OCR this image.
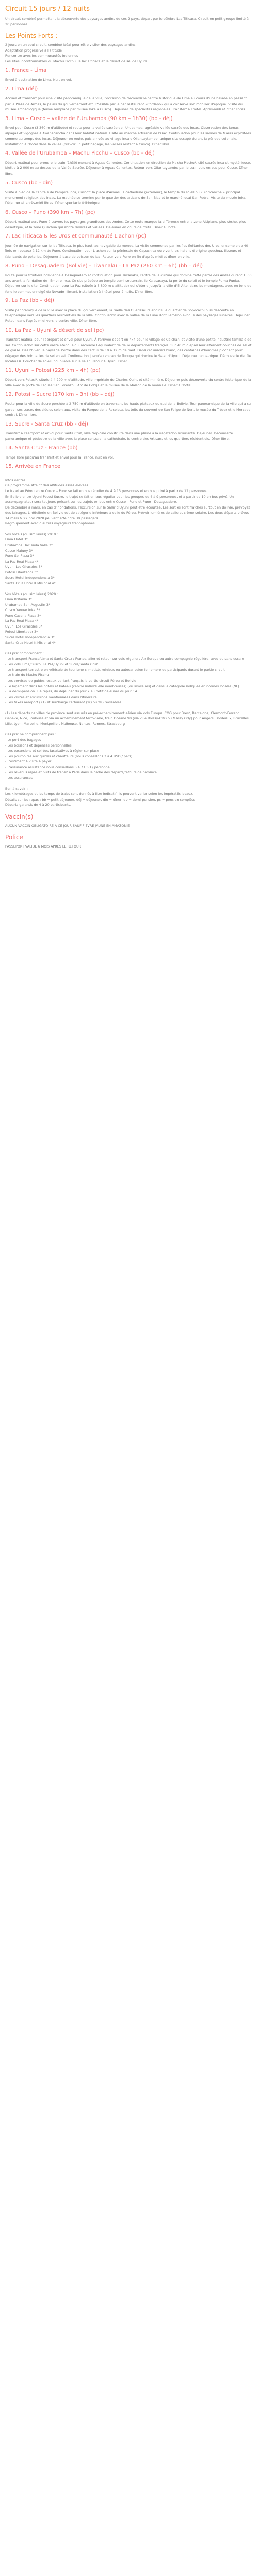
Circuit 15 jours / 12 nuits

Un circuit combiné permettant la découverte des paysages andins de ces 2 pays, départ par le célèbre Lac Titicaca. Circuit en petit groupe limité à 20 personnes.

Les Points Forts :

2 jours en un seul circuit, combiné idéal pour rôtre visiter des paysages andins
Adaptation progressive à l'altitude
Rencontre avec les communautés indiennes
Les sites incontournables du Machu Picchu, le lac Titicaca et le désert de sel de Uyuni

1. France - Lima

Envol à destination de Lima. Nuit en vol.

2. Lima (déj)

Accueil et transfert pour une visite panoramique de la ville, l'occasion de découvrir le centre historique de Lima au cours d'une balade en passant par la Plaza de Armas, le palais du gouvernement etc. Possible par le bar restaurant «Cordano» qui a conservé son mobilier d'époque. Visite du musée archéologique (fermé remplacé par musée Inka à Cusco). Déjeuner de spécialités régionales. Transfert à l'hôtel. Après-midi et dîner libres.

3. Lima – Cusco – vallée de l'Urubamba (90 km – 1h30) (bb - déj)

Envol pour Cusco (3 360 m d'altitude) et route pour la vallée sacrée de l'Urubamba, agréable vallée sacrée des Incas. Observation des lamas, alpagas et vigognes à Awanacancha dans leur habitat naturel. Halte au marché artisanal de Pisac. Continuation pour les salines de Maras exploitées comme au temps des Incas. Déjeuner en route, puis arrivée au village inca d'Ollantaytambo, unique site occupé durant la période coloniale. Installation à l'hôtel dans la vallée (prévoir un petit bagage, les valises restent à Cusco). Dîner libre.

4. Vallée de l'Urubamba – Machu Picchu – Cusco (bb - déj)

Départ matinal pour prendre le train (1h30) menant à Aguas Calientes. Continuation en direction du Machu Picchu*, cité sacrée inca et mystérieuse, blottie à 2 000 m au-dessus de la Vallée Sacrée. Déjeuner à Aguas Calientes. Retour vers Ollantaytambo par le train puis en bus pour Cusco. Dîner libre.

5. Cusco (bb - din)

Visite à pied de la capitale de l'empire Inca, Cusco*: la place d'Armas, la cathédrale (extérieur), le temple du soleil ou « Koricancha » principal monument religieux des Incas. La matinée se termine par le quartier des artisans de San Blas et le marché local San Pedro. Visite du musée Inka. Déjeuner et après-midi libres. Dîner spectacle folklorique.

6. Cusco – Puno (390 km – 7h) (pc)

Départ matinal vers Puno à travers les paysages grandioses des Andes. Cette route marque la différence entre la zone Altiplano, plus sèche, plus désertique, et la zone Quechua qui abrite rivières et vallées. Déjeuner en cours de route. Dîner à l'hôtel.

7. Lac Titicaca & les Uros et communauté Llachon (pc)

Journée de navigation sur le lac Titicaca, le plus haut lac navigable du monde. La visite commence par les îles flottantes des Uros, ensemble de 40 îlots en roseaux à 12 km de Puno. Continuation pour Llachon sur la péninsule de Capachica où vivent les indiens d'origine quechua, tisseurs et fabricants de poteries. Déjeuner à base de poisson du lac. Retour vers Puno en fin d'après-midi et dîner en ville.

8. Puno – Desaguadero (Bolivie) - Tiwanaku – La Paz (260 km – 6h) (bb – déj)

Route pour la frontière bolivienne à Desaguadero et continuation pour Tiwanaku, centre de la culture qui domina cette partie des Andes durant 1500 ans avant la fondation de l'Empire Inca. Ce site précède un temple semi-souterrain, le Kalasasaya, la porte du soleil et le temple Puma Punku. Déjeuner sur le site. Continuation pour La Paz (située à 3 800 m d'altitude) qui s'étend jusqu'à la ville d'El Alto, dans les montagnes, avec en toile de fond le sommet enneigé du Nevado Illimani. Installation à l'hôtel pour 2 nuits. Dîner libre.

9. La Paz (bb – déj)

Visite panoramique de la ville avec la place du gouvernement, la ruelle des Guérisseurs andins, le quartier de Sopocachi puis descente en téléphérique vers les quartiers résidentiels de la ville. Continuation avec la vallée de la Lune dont l'érosion évoque des paysages lunaires. Déjeuner. Retour dans l'après-midi vers le centre-ville. Dîner libre.

10. La Paz - Uyuni & désert de sel (pc)

Transfert matinal pour l'aéroport et envol pour Uyuni. À l'arrivée départ en 4x4 pour le village de Colchani et visite d'une petite industrie familiale de sel. Continuation sur cette vaste étendue qui recouvre l'équivalent de deux départements français. Sur 40 m d'épaisseur alternent couches de sel et de glaise. Dès l'hiver, le paysage s'offre dans des cactus de 10 à 12 m de haut. Dans cet univers blanc, des centaines d'hommes piochent pour dégager des briquettes de sel en sel. Continuation jusqu'au volcan de Tunupa qui domine le Salar d'Uyuni. Déjeuner pique-nique. Découverte de l'île Incahuasi. Coucher de soleil inoubliable sur le salar. Retour à Uyuni. Dîner.

11. Uyuni – Potosi (225 km – 4h) (pc)

Départ vers Potosi*, située à 4 200 m d'altitude, ville impériale de Charles Quint et cité minière. Déjeuner puis découverte du centre historique de la ville avec la porte de l'église San Lorenzo, l'Arc de Cobija et le musée de la Maison de la monnaie. Dîner à l'hôtel.

12. Potosi – Sucre (170 km – 3h) (bb – déj)

Route pour la ville de Sucre perchée à 2 750 m d'altitude en traversant les hauts plateaux du sud de la Bolivie. Tour panoramique de la ville qui a su garder ses traces des siècles coloniaux, visite du Parque de la Recoleta, les toits du couvent de San Felipe de Neri, le musée du Trésor et le Mercado central. Dîner libre.

13. Sucre - Santa Cruz (bb - déj)

Transfert à l'aéroport et envol pour Santa Cruz, ville tropicale construite dans une plaine à la végétation luxuriante. Déjeuner. Découverte panoramique et pédestre de la ville avec la place centrale, la cathédrale, le centre des Artisans et les quartiers résidentiels. Dîner libre.

14. Santa Cruz - France (bb)

Temps libre jusqu'au transfert et envol pour la France, nuit en vol.

15. Arrivée en France

Infos vérités :
Ce programme atteint des altitudes assez élevées.
Le trajet au Pérou entre Cusco – Puno se fait en bus régulier de 4 à 13 personnes et en bus privé à partir de 12 personnes.
En Bolivie entre Uyuni-Potosi-Sucre, le trajet se fait en bus régulier pour les groupes de 4 à 9 personnes, et à partir de 10 en bus privé. Un accompagnateur sera toujours présent sur les trajets en bus entre Cusco - Puno et Puno - Desaguadero.
De décembre à mars, en cas d'inondations, l'excursion sur le Salar d'Uyuni peut être écourtée. Les sorties sont fraîches surtout en Bolivie, prévoyez des lainages. L'hôtellerie en Bolivie est de catégorie inférieure à celle du Pérou. Prévoir lumières de salle et crème solaire. Les deux départs prévus 14 mars & 22 nov 2020 peuvent atteindre 30 passagers.
Regroupement avec d'autres voyageurs francophones.

Vos hôtels (ou similaires) 2019 :
Lima Hotel 3*
Urubamba Hacienda Valle 3*
Cusco Maluey 3*
Puno Sol Plaza 3*
La Paz Real Plaza 4*
Uyuni Los Girasoles 3*
Potosi Libertador 3*
Sucre Hotel Independencia 3*
Santa Cruz Hotel K Misional 4*

Vos hôtels (ou similaires) 2020 :
Lima Britania 3*
Urubamba San Augustin 3*
Cusco Yanuar Inka 3*
Puno Casona Plaza 3*
La Paz Real Plaza 4*
Uyuni Los Girasoles 3*
Potosi Libertador 3*
Sucre Hotel Independencia 3*
Santa Cruz Hotel K Misional 4*

Ces prix comprennent :
- Le transport France/Lima et Santa Cruz / France, aller et retour sur vols réguliers Air Europa ou autre compagnie régulière, avec ou sans escale
- Les vols Lima/Cusco, La Paz/Uyuni et Sucre/Santa Cruz
- Le transport terrestre en véhicule de tourisme climatisé, minibus ou autocar selon le nombre de participants durant le partie circuit
- Le train du Machu Picchu
- Les services de guides locaux parlant français la partie circuit Pérou et Bolivie
- Le logement dans les hôtels et bateau (cabine individuelle nombreuses) (ou similaires) et dans la catégorie indiquée en normes locales (NL)
- La demi-pension + 4 repas, du déjeuner du jour 2 au petit déjeuner du jour 14
- Les visites et excursions mentionnées dans l'itinéraire
- Les taxes aéroport (XT) et surcharge carburant (YQ ou YR) révisables

(1) Les départs de villes de province sont assurés en pré-acheminement aérien via vols Europa, COG pour Brest, Barcelone, Clermont-Ferrand, Genève, Nice, Toulouse et via un acheminement ferroviaire, train Océane 90 (via ville Roissy-CDG ou Massy Orly) pour Angers, Bordeaux, Bruxelles, Lille, Lyon, Marseille, Montpellier, Mulhouse, Nantes, Rennes, Strasbourg

Ces prix ne comprennent pas :
- Le port des bagages
- Les boissons et dépenses personnelles
- Les excursions et soirées facultatives à régler sur place
- Les pourboires aux guides et chauffeurs (nous conseillons 3 à 4 USD / pers)
- L'ostiment à visité à payer
- L'assurance assistance nous conseillons 5 à 7 USD / personnel
- Les revenus repas et nuits de transit à Paris dans le cadre des départs/retours de province
- Les assurances

Bon à savoir :
Les kilométrages et les temps de trajet sont donnés à titre indicatif, ils peuvent varier selon les impératifs locaux.
Détails sur les repas : bb = petit déjeuner, déj = déjeuner, din = dîner, dp = demi-pension, pc = pension complète.
Départs garantis de 4 à 20 participants.

Vaccin(s)

AUCUN VACCIN OBLIGATOIRE À CE JOUR SAUF FIÈVRE JAUNE EN AMAZONIE

Police

PASSEPORT VALIDE 6 MOIS APRÈS LE RETOUR
